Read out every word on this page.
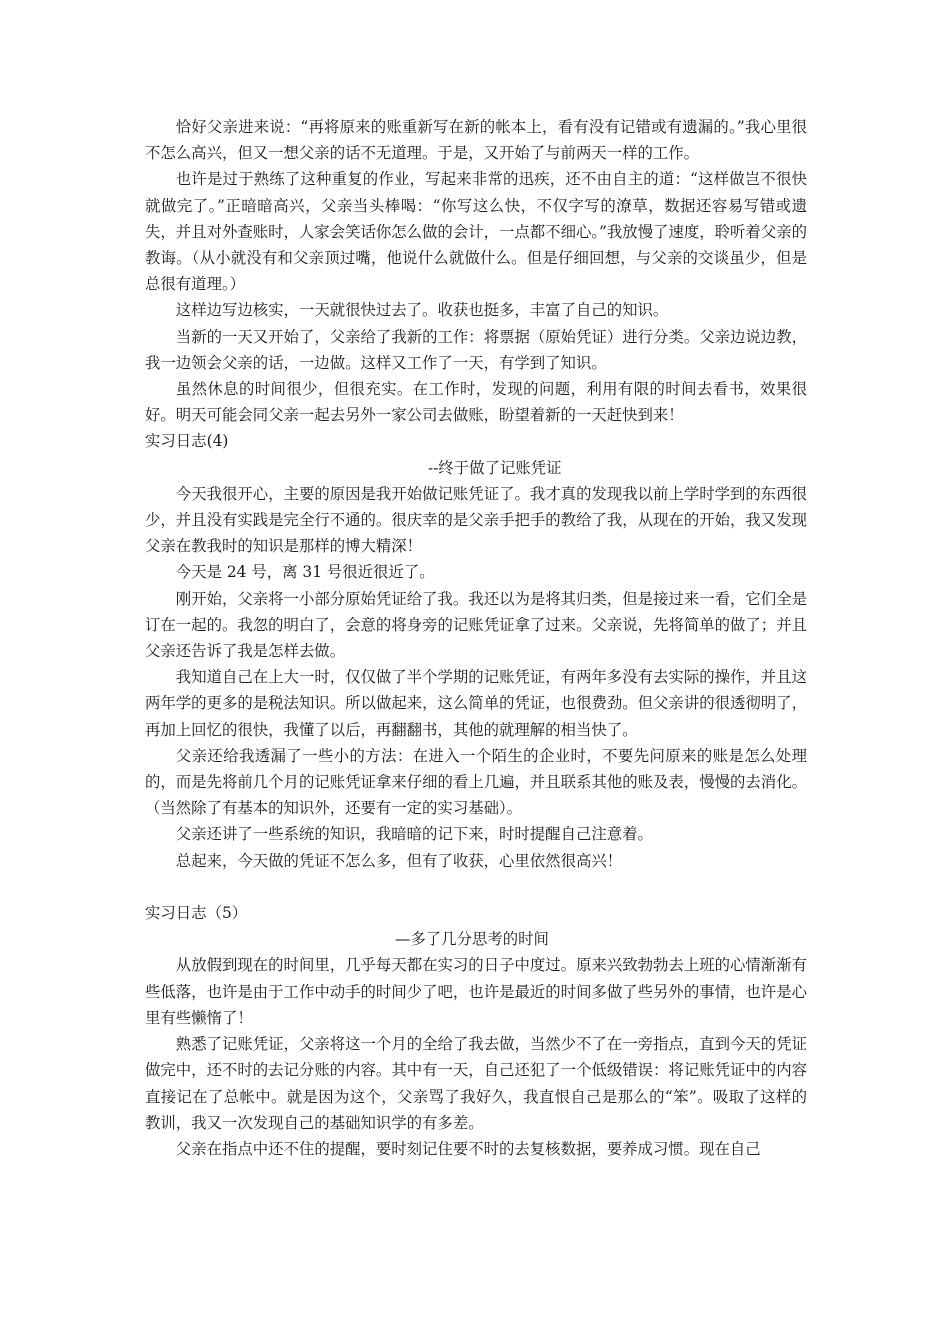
恰好父亲进来说：“再将原来的账重新写在新的帐本上，看有没有记错或有遗漏的。”我心里很不怎么高兴，但又一想父亲的话不无道理。于是，又开始了与前两天一样的工作。

也许是过于熟练了这种重复的作业，写起来非常的迅疾，还不由自主的道：“这样做岂不很快就做完了。”正暗暗高兴，父亲当头棒喝：“你写这么快，不仅字写的潦草，数据还容易写错或遗失，并且对外查账时，人家会笑话你怎么做的会计，一点都不细心。”我放慢了速度，聆听着父亲的教诲。（从小就没有和父亲顶过嘴，他说什么就做什么。但是仔细回想，与父亲的交谈虽少，但是总很有道理。）

这样边写边核实，一天就很快过去了。收获也挺多，丰富了自己的知识。

当新的一天又开始了，父亲给了我新的工作：将票据（原始凭证）进行分类。父亲边说边教，我一边领会父亲的话，一边做。这样又工作了一天，有学到了知识。

虽然休息的时间很少，但很充实。在工作时，发现的问题，利用有限的时间去看书，效果很好。明天可能会同父亲一起去另外一家公司去做账，盼望着新的一天赶快到来！

实习日志(4)

--终于做了记账凭证

今天我很开心，主要的原因是我开始做记账凭证了。我才真的发现我以前上学时学到的东西很少，并且没有实践是完全行不通的。很庆幸的是父亲手把手的教给了我，从现在的开始，我又发现父亲在教我时的知识是那样的博大精深！

今天是 24 号，离 31 号很近很近了。

刚开始，父亲将一小部分原始凭证给了我。我还以为是将其归类，但是接过来一看，它们全是订在一起的。我忽的明白了，会意的将身旁的记账凭证拿了过来。父亲说，先将简单的做了；并且父亲还告诉了我是怎样去做。

我知道自己在上大一时，仅仅做了半个学期的记账凭证，有两年多没有去实际的操作，并且这两年学的更多的是税法知识。所以做起来，这么简单的凭证，也很费劲。但父亲讲的很透彻明了，再加上回忆的很快，我懂了以后，再翻翻书，其他的就理解的相当快了。

父亲还给我透漏了一些小的方法：在进入一个陌生的企业时，不要先问原来的账是怎么处理的，而是先将前几个月的记账凭证拿来仔细的看上几遍，并且联系其他的账及表，慢慢的去消化。（当然除了有基本的知识外，还要有一定的实习基础）。

父亲还讲了一些系统的知识，我暗暗的记下来，时时提醒自己注意着。

总起来，今天做的凭证不怎么多，但有了收获，心里依然很高兴！

实习日志（5）

—多了几分思考的时间

从放假到现在的时间里，几乎每天都在实习的日子中度过。原来兴致勃勃去上班的心情渐渐有些低落，也许是由于工作中动手的时间少了吧，也许是最近的时间多做了些另外的事情，也许是心里有些懒惰了！

熟悉了记账凭证，父亲将这一个月的全给了我去做，当然少不了在一旁指点，直到今天的凭证做完中，还不时的去记分账的内容。其中有一天，自己还犯了一个低级错误：将记账凭证中的内容直接记在了总帐中。就是因为这个，父亲骂了我好久，我直恨自己是那么的“笨”。吸取了这样的教训，我又一次发现自己的基础知识学的有多差。

父亲在指点中还不住的提醒，要时刻记住要不时的去复核数据，要养成习惯。现在自己
